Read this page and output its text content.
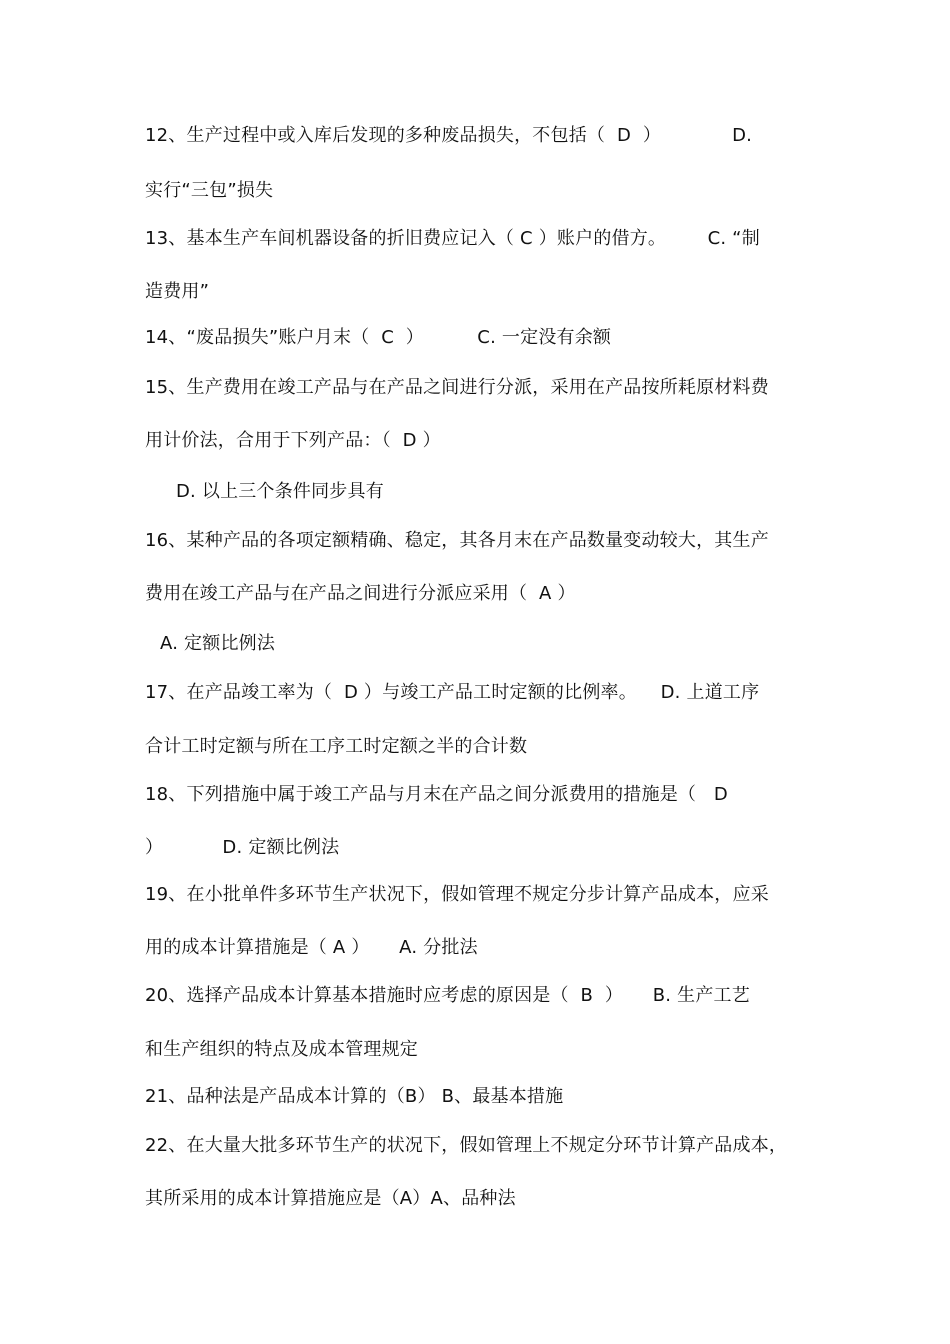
12、生产过程中或入库后发现的多种废品损失，不包括（  D  ）            D.
实行“三包”损失
13、基本生产车间机器设备的折旧费应记入（ C ）账户的借方。       C. “制
造费用”
14、“废品损失”账户月末（  C  ）         C. 一定没有余额
15、生产费用在竣工产品与在产品之间进行分派，采用在产品按所耗原材料费
用计价法，合用于下列产品：（  D ）
D. 以上三个条件同步具有
16、某种产品的各项定额精确、稳定，其各月末在产品数量变动较大，其生产
费用在竣工产品与在产品之间进行分派应采用（  A ）
A. 定额比例法
17、在产品竣工率为（  D ）与竣工产品工时定额的比例率。    D. 上道工序
合计工时定额与所在工序工时定额之半的合计数
18、下列措施中属于竣工产品与月末在产品之间分派费用的措施是（   D
）          D. 定额比例法
19、在小批单件多环节生产状况下，假如管理不规定分步计算产品成本，应采
用的成本计算措施是（ A ）     A. 分批法
20、选择产品成本计算基本措施时应考虑的原因是（  B  ）     B. 生产工艺
和生产组织的特点及成本管理规定
21、品种法是产品成本计算的（B） B、最基本措施
22、在大量大批多环节生产的状况下，假如管理上不规定分环节计算产品成本，
其所采用的成本计算措施应是（A）A、品种法
